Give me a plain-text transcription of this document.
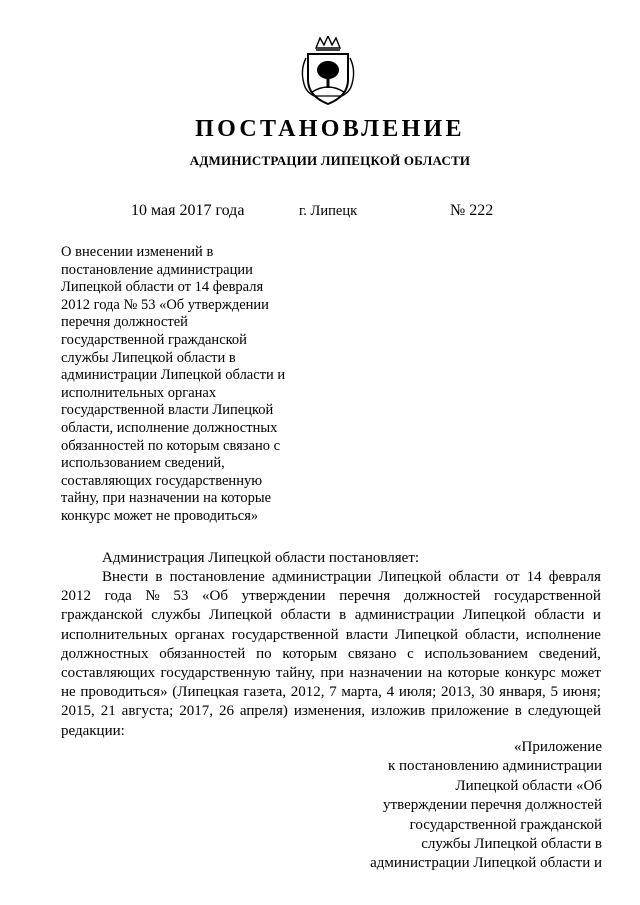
ПОСТАНОВЛЕНИЕ
АДМИНИСТРАЦИИ ЛИПЕЦКОЙ ОБЛАСТИ
10 мая 2017 года	г. Липецк	№ 222
О внесении изменений в
постановление администрации
Липецкой области от 14 февраля
2012 года № 53 «Об утверждении
перечня должностей
государственной гражданской
службы Липецкой области в
администрации Липецкой области и
исполнительных органах
государственной власти Липецкой
области, исполнение должностных
обязанностей по которым связано с
использованием сведений,
составляющих государственную
тайну, при назначении на которые
конкурс может не проводиться»
Администрация Липецкой области постановляет:
Внести в постановление администрации Липецкой области от 14 февраля
2012 года № 53 «Об утверждении перечня должностей государственной
гражданской службы Липецкой области в администрации Липецкой области и
исполнительных органах государственной власти Липецкой области, исполнение
должностных обязанностей по которым связано с использованием сведений,
составляющих государственную тайну, при назначении на которые конкурс может
не проводиться» (Липецкая газета, 2012, 7 марта, 4 июля; 2013, 30 января, 5 июня;
2015, 21 августа; 2017, 26 апреля) изменения, изложив приложение в следующей
редакции:
«Приложение
к постановлению администрации
Липецкой области «Об
утверждении перечня должностей
государственной гражданской
службы Липецкой области в
администрации Липецкой области и
